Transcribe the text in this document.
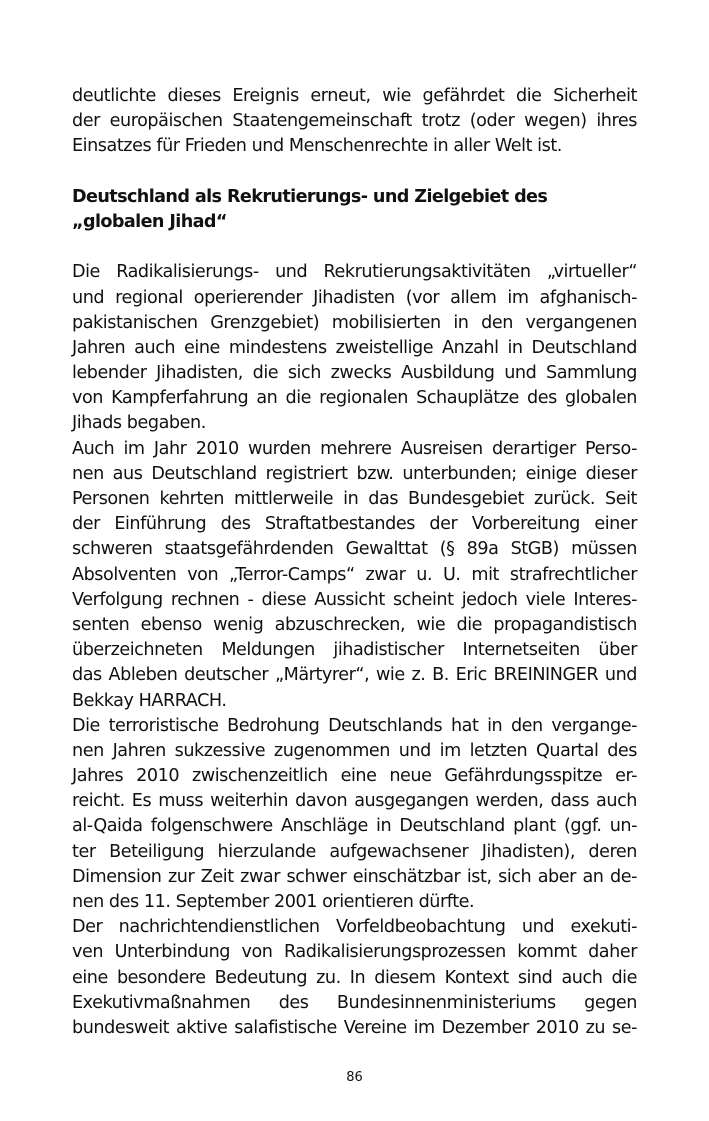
deutlichte dieses Ereignis erneut, wie gefährdet die Sicherheit
der europäischen Staatengemeinschaft trotz (oder wegen) ihres
Einsatzes für Frieden und Menschenrechte in aller Welt ist.
Deutschland als Rekrutierungs- und Zielgebiet des
„globalen Jihad“
Die Radikalisierungs- und Rekrutierungsaktivitäten „virtueller“
und regional operierender Jihadisten (vor allem im afghanisch-
pakistanischen Grenzgebiet) mobilisierten in den vergangenen
Jahren auch eine mindestens zweistellige Anzahl in Deutschland
lebender Jihadisten, die sich zwecks Ausbildung und Sammlung
von Kampferfahrung an die regionalen Schauplätze des globalen
Jihads begaben.
Auch im Jahr 2010 wurden mehrere Ausreisen derartiger Perso-
nen aus Deutschland registriert bzw. unterbunden; einige dieser
Personen kehrten mittlerweile in das Bundesgebiet zurück. Seit
der Einführung des Straftatbestandes der Vorbereitung einer
schweren staatsgefährdenden Gewalttat (§ 89a StGB) müssen
Absolventen von „Terror-Camps“ zwar u. U. mit strafrechtlicher
Verfolgung rechnen - diese Aussicht scheint jedoch viele Interes-
senten ebenso wenig abzuschrecken, wie die propagandistisch
überzeichneten Meldungen jihadistischer Internetseiten über
das Ableben deutscher „Märtyrer“, wie z. B. Eric BREININGER und
Bekkay HARRACH.
Die terroristische Bedrohung Deutschlands hat in den vergange-
nen Jahren sukzessive zugenommen und im letzten Quartal des
Jahres 2010 zwischenzeitlich eine neue Gefährdungsspitze er-
reicht. Es muss weiterhin davon ausgegangen werden, dass auch
al-Qaida folgenschwere Anschläge in Deutschland plant (ggf. un-
ter Beteiligung hierzulande aufgewachsener Jihadisten), deren
Dimension zur Zeit zwar schwer einschätzbar ist, sich aber an de-
nen des 11. September 2001 orientieren dürfte.
Der nachrichtendienstlichen Vorfeldbeobachtung und exekuti-
ven Unterbindung von Radikalisierungsprozessen kommt daher
eine besondere Bedeutung zu. In diesem Kontext sind auch die
Exekutivmaßnahmen des Bundesinnenministeriums gegen
bundesweit aktive salafistische Vereine im Dezember 2010 zu se-
86
